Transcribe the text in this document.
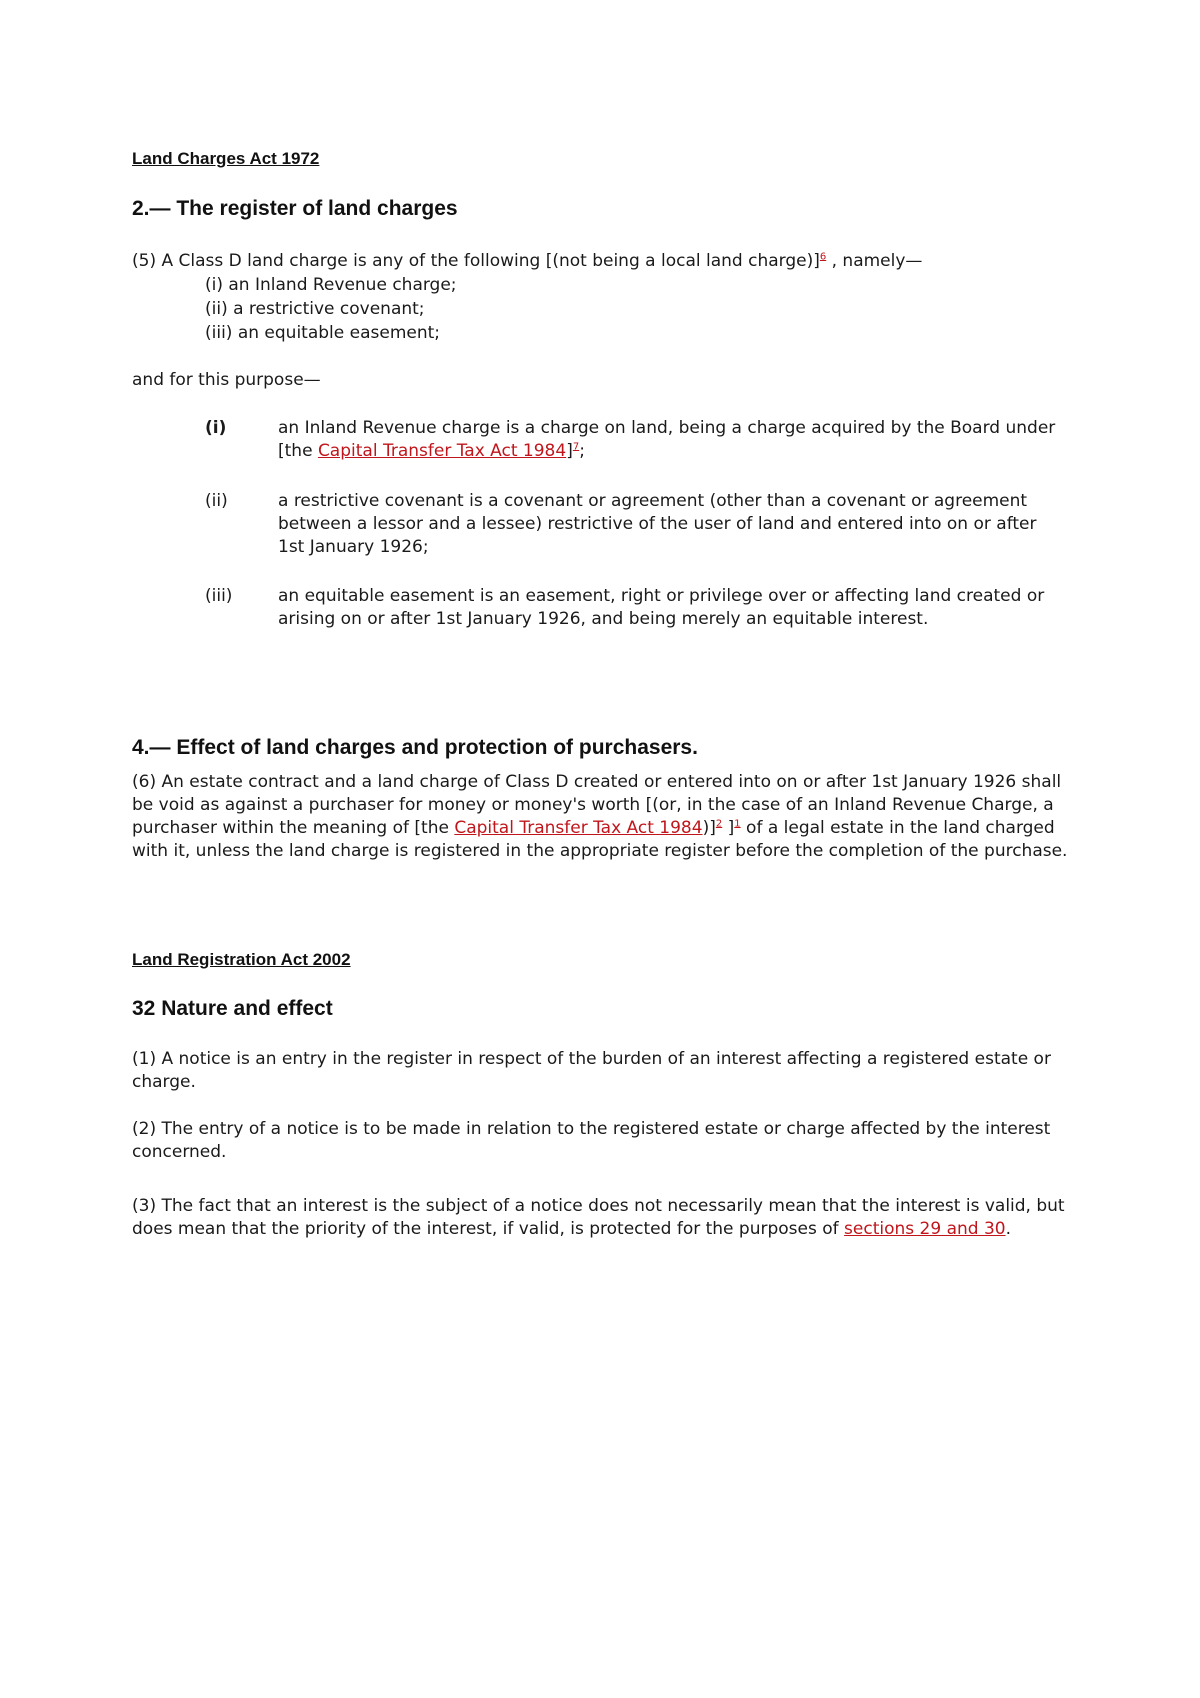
Land Charges Act 1972
2.— The register of land charges
(5) A Class D land charge is any of the following [(not being a local land charge)]$^6$ , namely—
(i) an Inland Revenue charge;
(ii) a restrictive covenant;
(iii) an equitable easement;
and for this purpose—
(i)	an Inland Revenue charge is a charge on land, being a charge acquired by the Board under [the Capital Transfer Tax Act 1984]$^7$;
(ii)	a restrictive covenant is a covenant or agreement (other than a covenant or agreement between a lessor and a lessee) restrictive of the user of land and entered into on or after 1st January 1926;
(iii)	an equitable easement is an easement, right or privilege over or affecting land created or arising on or after 1st January 1926, and being merely an equitable interest.
4.— Effect of land charges and protection of purchasers.
(6) An estate contract and a land charge of Class D created or entered into on or after 1st January 1926 shall be void as against a purchaser for money or money's worth [(or, in the case of an Inland Revenue Charge, a purchaser within the meaning of [the Capital Transfer Tax Act 1984)]$^2$ ]$^1$ of a legal estate in the land charged with it, unless the land charge is registered in the appropriate register before the completion of the purchase.
Land Registration Act 2002
32 Nature and effect
(1) A notice is an entry in the register in respect of the burden of an interest affecting a registered estate or charge.
(2) The entry of a notice is to be made in relation to the registered estate or charge affected by the interest concerned.
(3) The fact that an interest is the subject of a notice does not necessarily mean that the interest is valid, but does mean that the priority of the interest, if valid, is protected for the purposes of sections 29 and 30.
